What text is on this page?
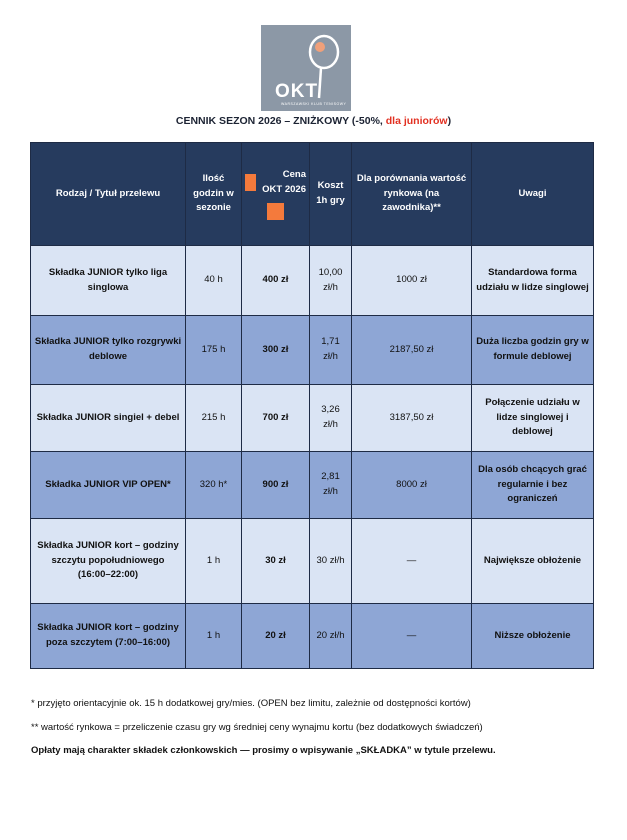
OKT
WARSZAWSKI KLUB TENISOWY
CENNIK SEZON 2026 – ZNIŻKOWY (-50%, dla juniorów)
Rodzaj / Tytuł przelewu	Ilość godzin w sezonie	Cena OKT 2026	Koszt 1h gry	Dla porównania wartość rynkowa (na zawodnika)**	Uwagi
Składka JUNIOR tylko liga singlowa	40 h	400 zł	10,00 zł/h	1000 zł	Standardowa forma udziału w lidze singlowej
Składka JUNIOR tylko rozgrywki deblowe	175 h	300 zł	1,71 zł/h	2187,50 zł	Duża liczba godzin gry w formule deblowej
Składka JUNIOR singiel + debel	215 h	700 zł	3,26 zł/h	3187,50 zł	Połączenie udziału w lidze singlowej i deblowej
Składka JUNIOR VIP OPEN*	320 h*	900 zł	2,81 zł/h	8000 zł	Dla osób chcących grać regularnie i bez ograniczeń
Składka JUNIOR kort – godziny szczytu popołudniowego (16:00–22:00)	1 h	30 zł	30 zł/h	—	Największe obłożenie
Składka JUNIOR kort – godziny poza szczytem (7:00–16:00)	1 h	20 zł	20 zł/h	—	Niższe obłożenie

* przyjęto orientacyjnie ok. 15 h dodatkowej gry/mies. (OPEN bez limitu, zależnie od dostępności kortów)

** wartość rynkowa = przeliczenie czasu gry wg średniej ceny wynajmu kortu (bez dodatkowych świadczeń)

Opłaty mają charakter składek członkowskich — prosimy o wpisywanie „SKŁADKA” w tytule przelewu.
